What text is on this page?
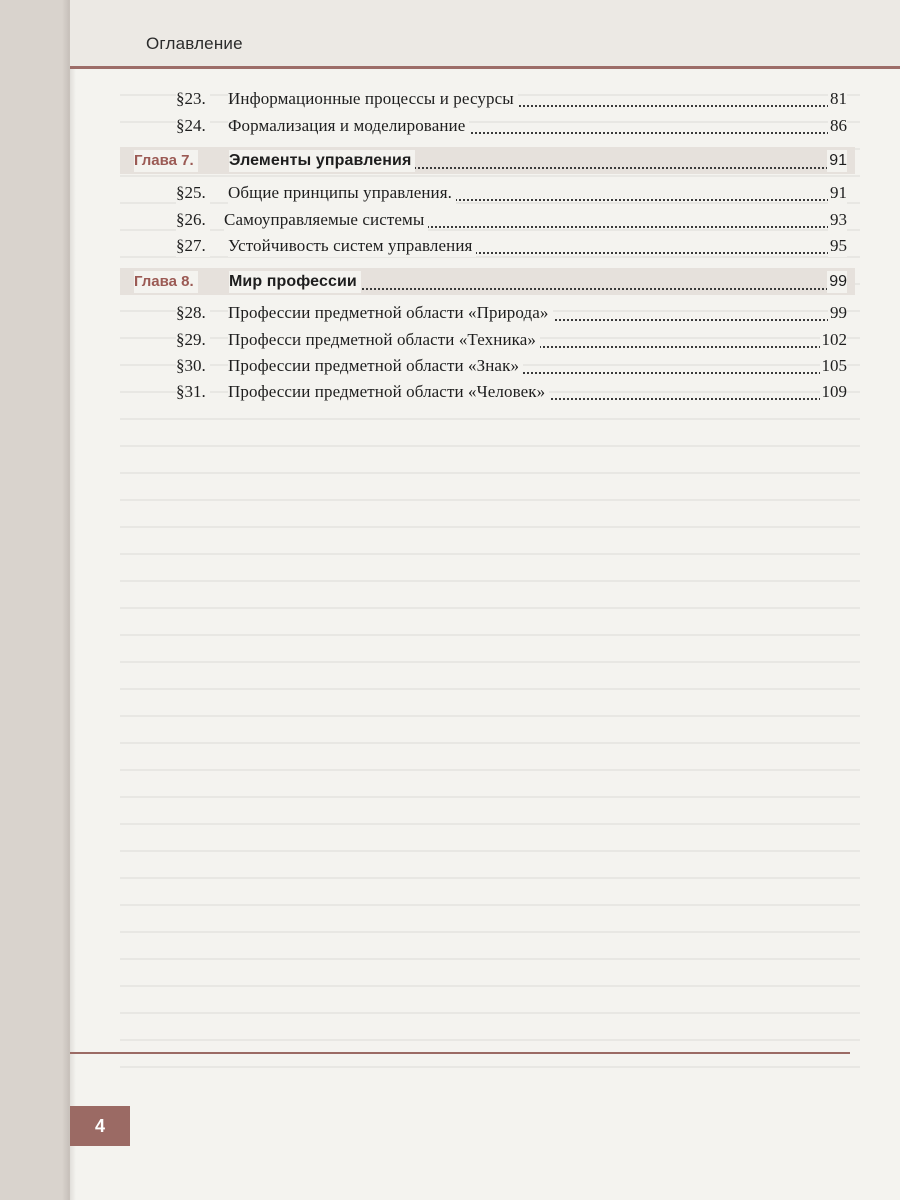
Оглавление
§23. Информационные процессы и ресурсы	81
§24. Формализация и моделирование	86
Глава 7. Элементы управления	91
§25. Общие принципы управления.	91
§26. Самоуправляемые системы	93
§27. Устойчивость систем управления	95
Глава 8. Мир профессии	99
§28. Професcии предметной области «Природа»	99
§29. Професcи предметной области «Техника»	102
§30. Професcии предметной области «Знак»	105
§31. Професcии предметной области «Человек»	109
4
